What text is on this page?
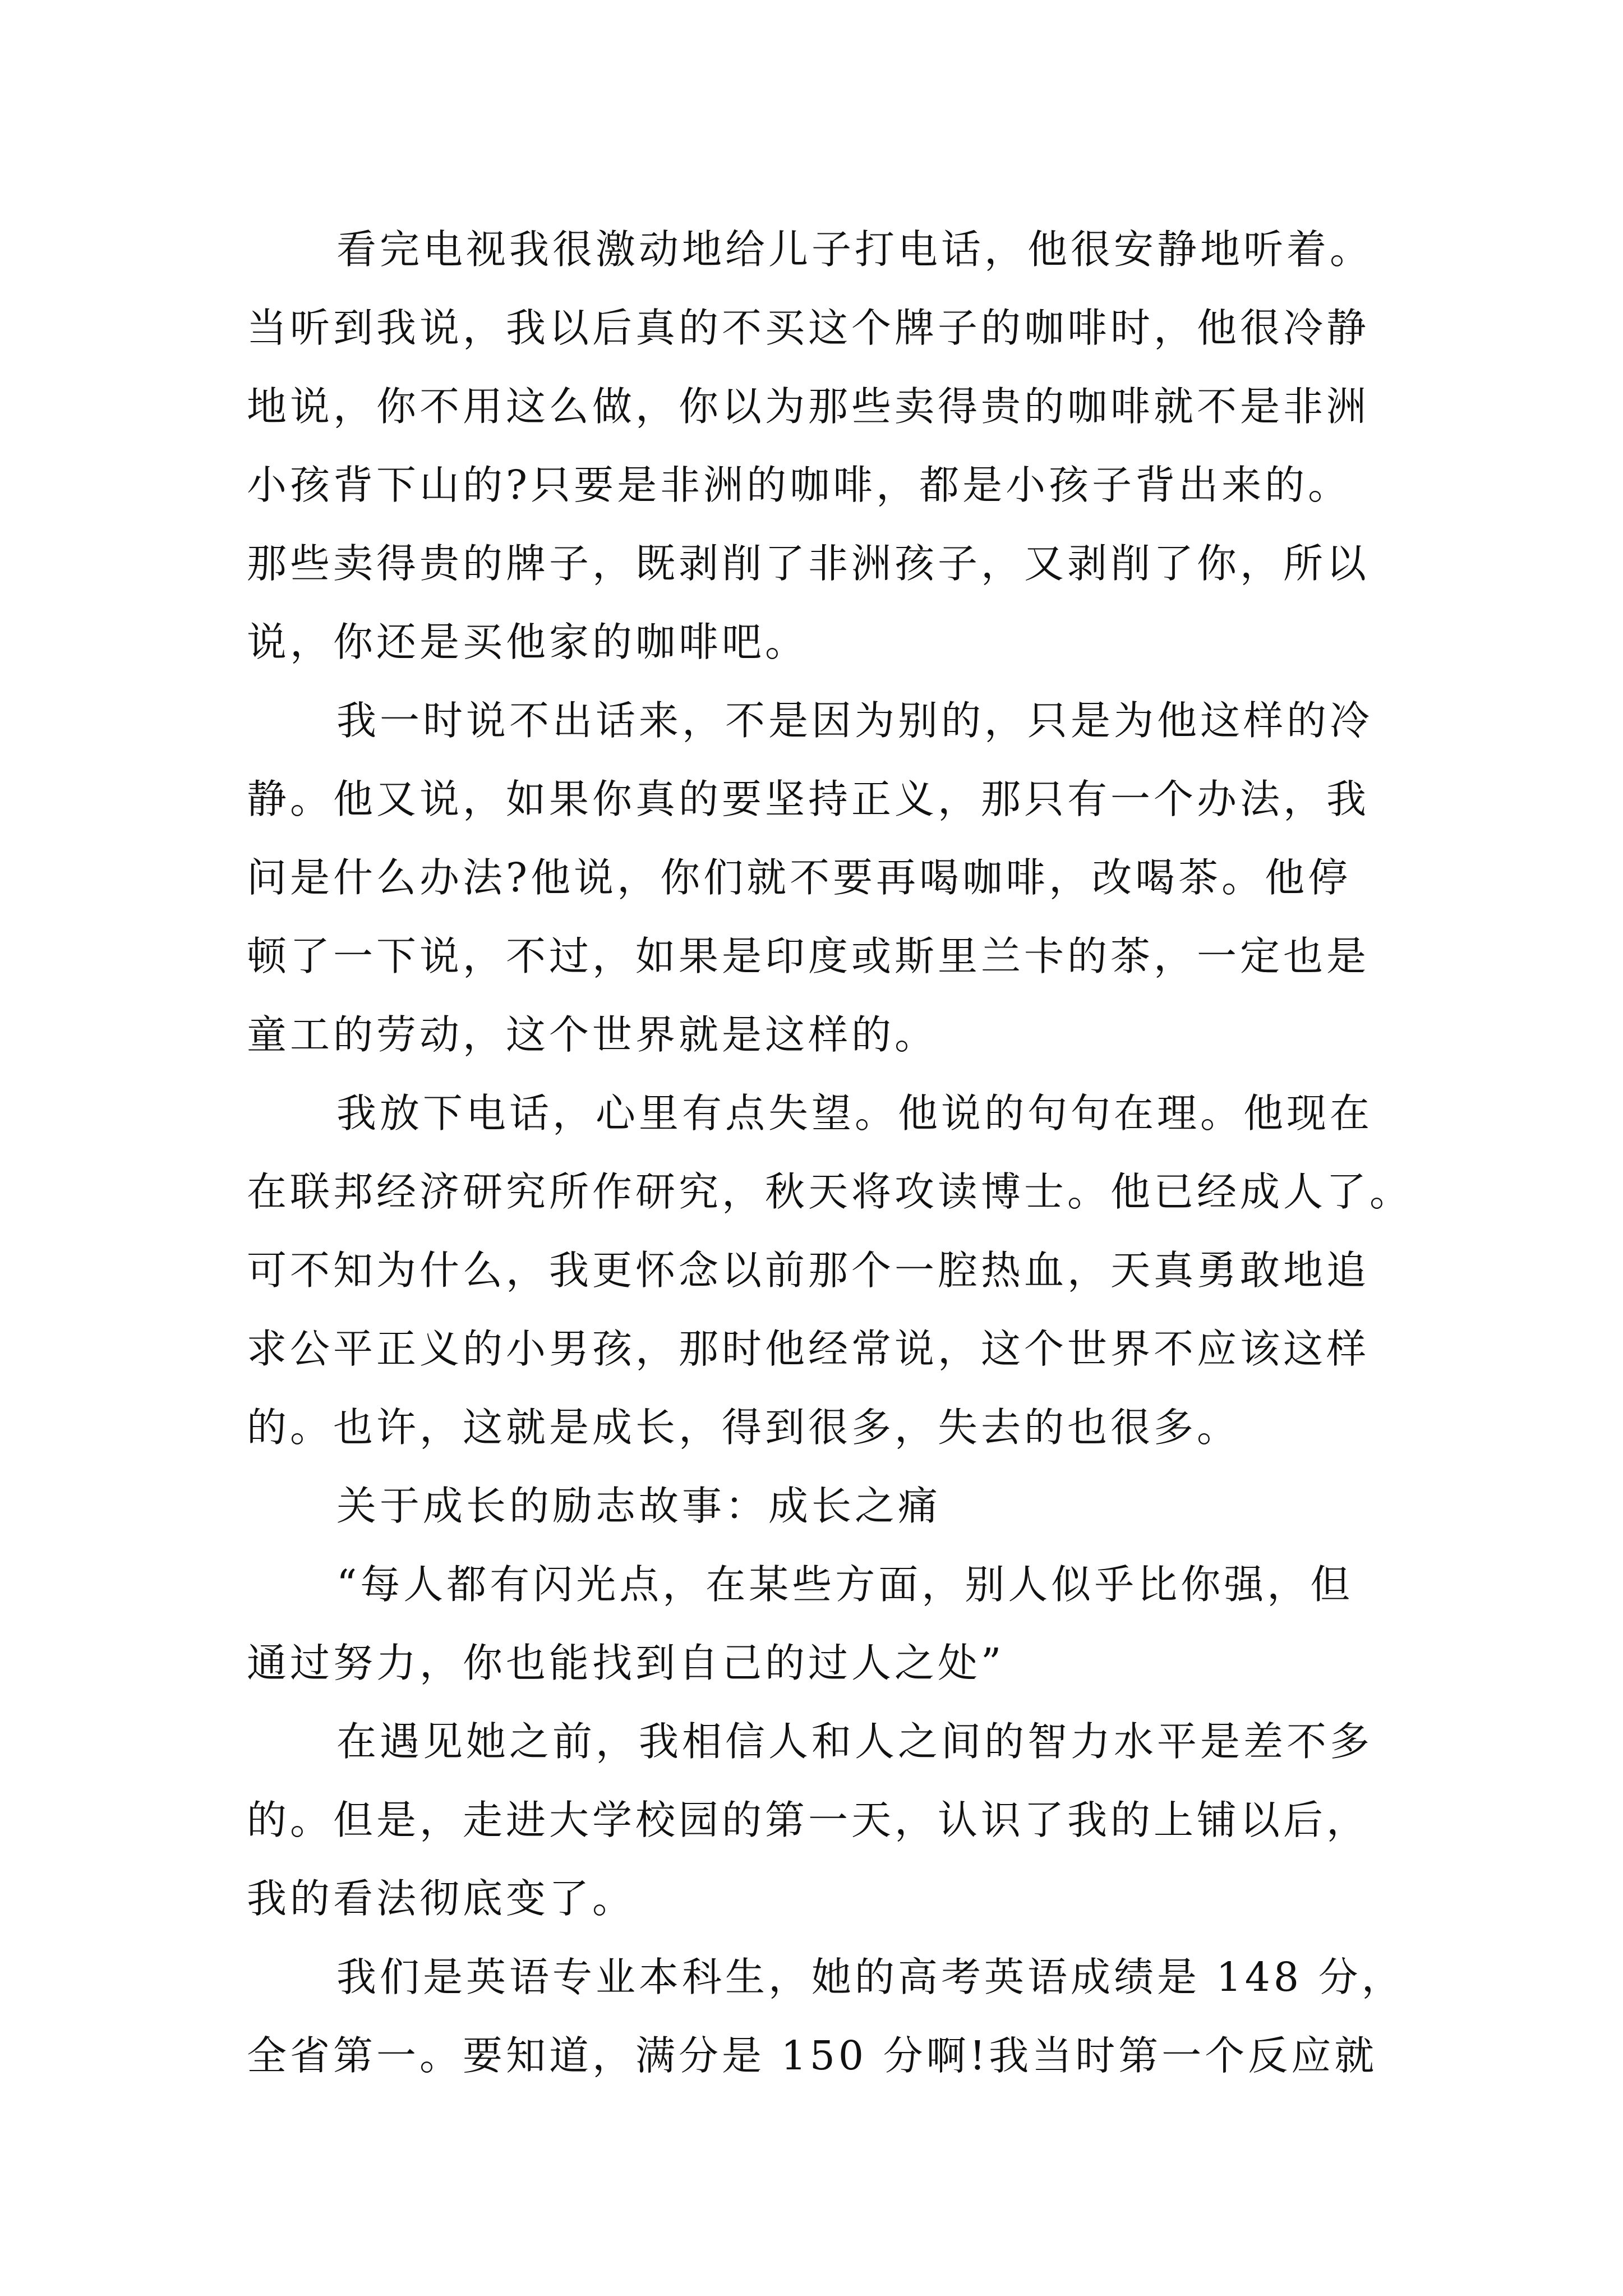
看完电视我很激动地给儿子打电话，他很安静地听着。
当听到我说，我以后真的不买这个牌子的咖啡时，他很冷静
地说，你不用这么做，你以为那些卖得贵的咖啡就不是非洲
小孩背下山的?只要是非洲的咖啡，都是小孩子背出来的。
那些卖得贵的牌子，既剥削了非洲孩子，又剥削了你，所以
说，你还是买他家的咖啡吧。
我一时说不出话来，不是因为别的，只是为他这样的冷
静。他又说，如果你真的要坚持正义，那只有一个办法，我
问是什么办法?他说，你们就不要再喝咖啡，改喝茶。他停
顿了一下说，不过，如果是印度或斯里兰卡的茶，一定也是
童工的劳动，这个世界就是这样的。
我放下电话，心里有点失望。他说的句句在理。他现在
在联邦经济研究所作研究，秋天将攻读博士。他已经成人了。
可不知为什么，我更怀念以前那个一腔热血，天真勇敢地追
求公平正义的小男孩，那时他经常说，这个世界不应该这样
的。也许，这就是成长，得到很多，失去的也很多。
关于成长的励志故事：成长之痛
“每人都有闪光点，在某些方面，别人似乎比你强，但
通过努力，你也能找到自己的过人之处”
在遇见她之前，我相信人和人之间的智力水平是差不多
的。但是，走进大学校园的第一天，认识了我的上铺以后，
我的看法彻底变了。
我们是英语专业本科生，她的高考英语成绩是 148 分，
全省第一。要知道，满分是 150 分啊!我当时第一个反应就
